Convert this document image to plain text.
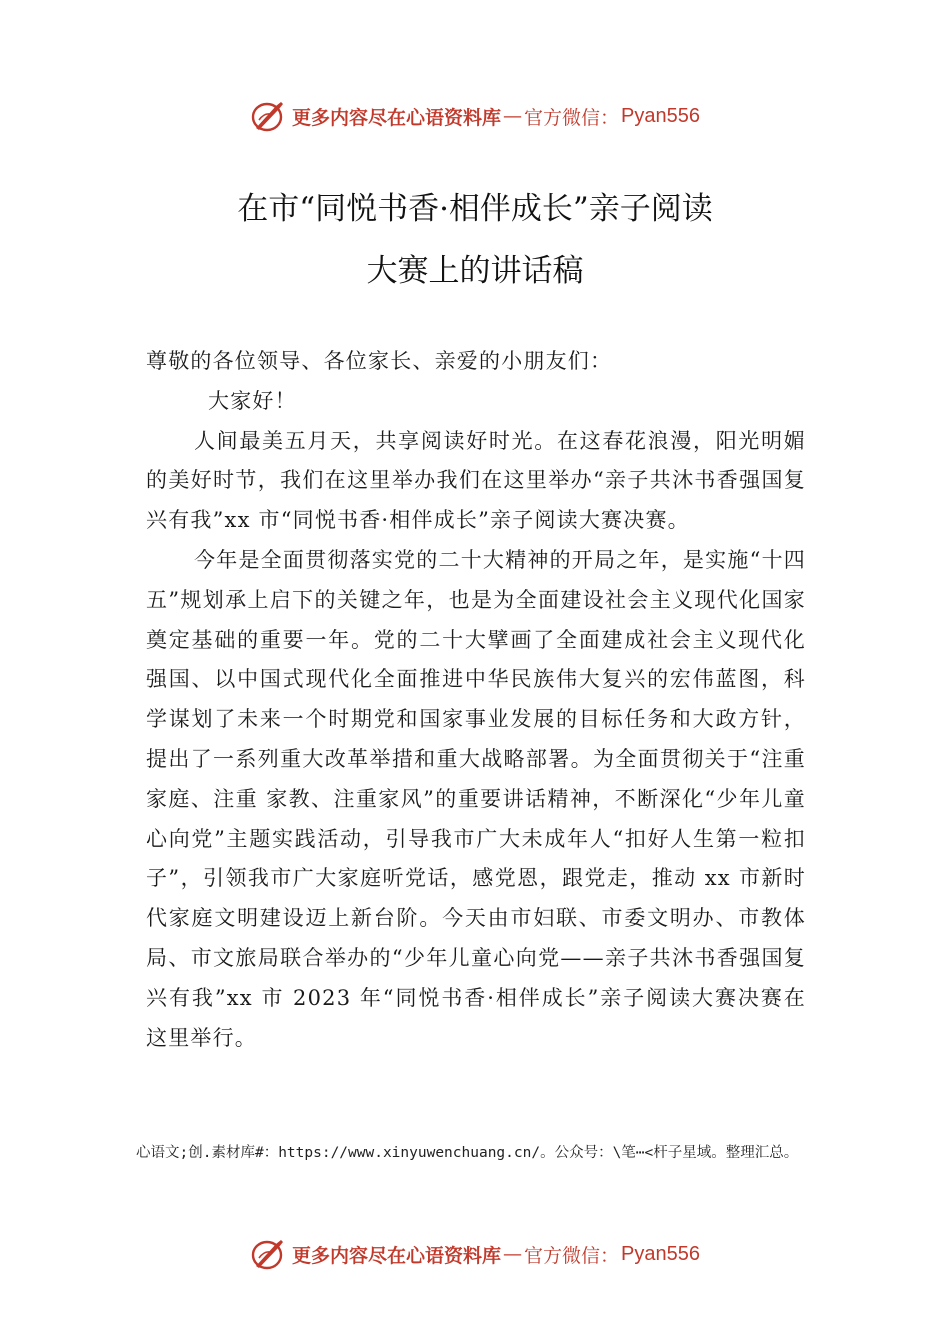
更多内容尽在心语资料库 — 官方微信： Pyan556
在市“同悦书香·相伴成长”亲子阅读
大赛上的讲话稿

尊敬的各位领导、各位家长、亲爱的小朋友们：

大家好！

人间最美五月天，共享阅读好时光。在这春花浪漫，阳光明媚的美好时节，我们在这里举办我们在这里举办“亲子共沐书香强国复兴有我”xx 市“同悦书香·相伴成长”亲子阅读大赛决赛。

今年是全面贯彻落实党的二十大精神的开局之年，是实施“十四五”规划承上启下的关键之年，也是为全面建设社会主义现代化国家奠定基础的重要一年。党的二十大擘画了全面建成社会主义现代化强国、以中国式现代化全面推进中华民族伟大复兴的宏伟蓝图，科学谋划了未来一个时期党和国家事业发展的目标任务和大政方针，提出了一系列重大改革举措和重大战略部署。为全面贯彻关于“注重家庭、注重 家教、注重家风”的重要讲话精神，不断深化“少年儿童心向党”主题实践活动，引导我市广大未成年人“扣好人生第一粒扣子”，引领我市广大家庭听党话，感党恩，跟党走，推动 xx 市新时代家庭文明建设迈上新台阶。今天由市妇联、市委文明办、市教体局、市文旅局联合举办的“少年儿童心向党——亲子共沐书香强国复兴有我”xx 市 2023 年“同悦书香·相伴成长”亲子阅读大赛决赛在这里举行。

心语文;创.素材库#：https://www.xinyuwenchuang.cn/。公众号：\笔⋯<杆子星域。整理汇总。
更多内容尽在心语资料库 — 官方微信： Pyan556
